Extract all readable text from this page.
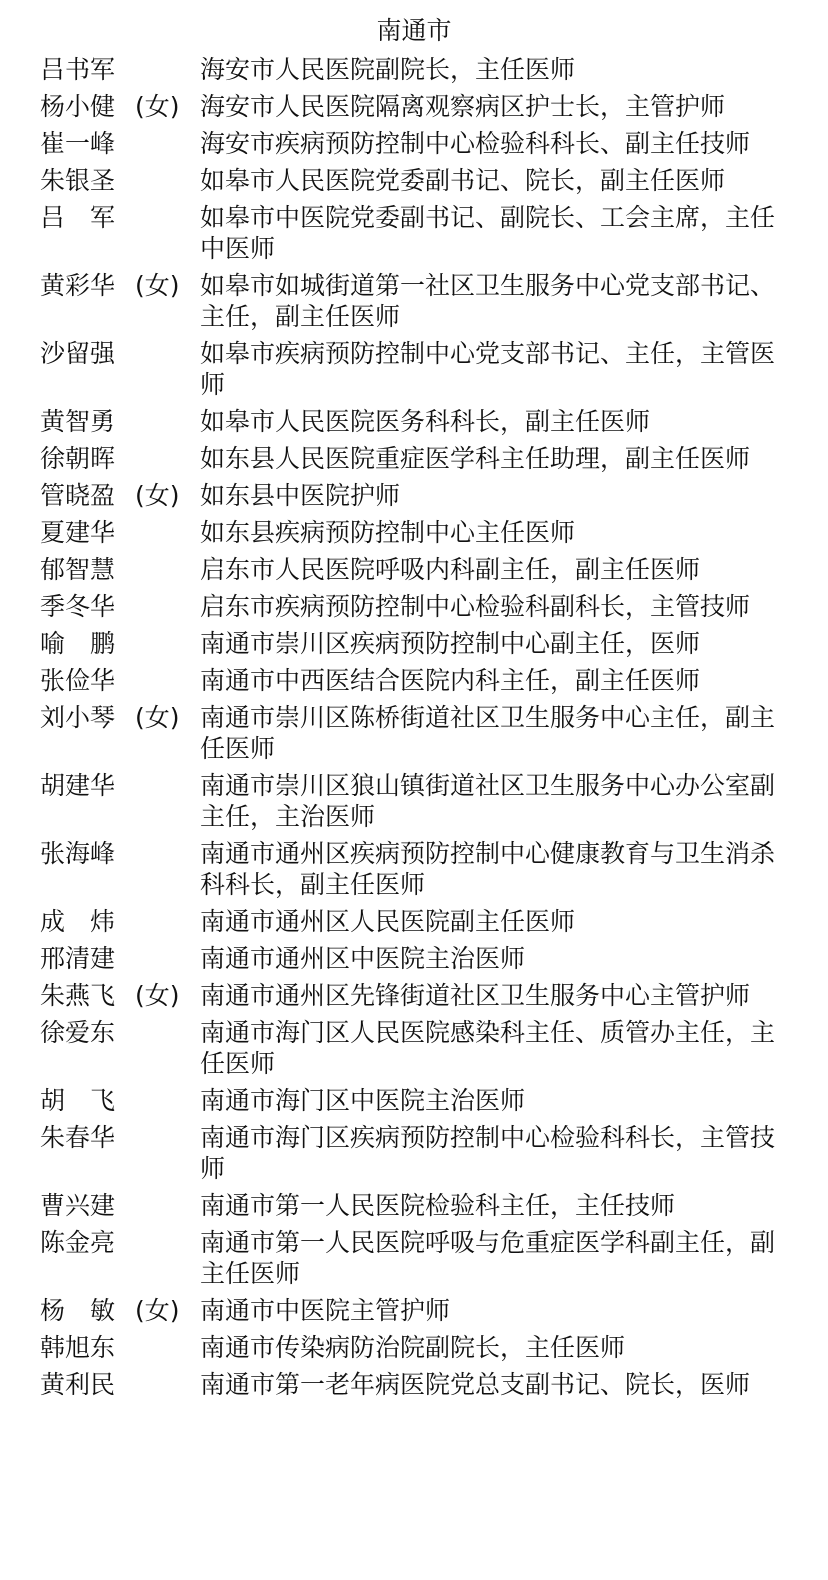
南通市
吕书军	海安市人民医院副院长，主任医师
杨小健 (女) 海安市人民医院隔离观察病区护士长，主管护师
崔一峰	海安市疾病预防控制中心检验科科长、副主任技师
朱银圣	如皋市人民医院党委副书记、院长，副主任医师
吕　军	如皋市中医院党委副书记、副院长、工会主席，主任中医师
黄彩华 (女) 如皋市如城街道第一社区卫生服务中心党支部书记、主任，副主任医师
沙留强	如皋市疾病预防控制中心党支部书记、主任，主管医师
黄智勇	如皋市人民医院医务科科长，副主任医师
徐朝晖	如东县人民医院重症医学科主任助理，副主任医师
管晓盈 (女) 如东县中医院护师
夏建华	如东县疾病预防控制中心主任医师
郁智慧	启东市人民医院呼吸内科副主任，副主任医师
季冬华	启东市疾病预防控制中心检验科副科长，主管技师
喻　鹏	南通市崇川区疾病预防控制中心副主任，医师
张俭华	南通市中西医结合医院内科主任，副主任医师
刘小琴 (女) 南通市崇川区陈桥街道社区卫生服务中心主任，副主任医师
胡建华	南通市崇川区狼山镇街道社区卫生服务中心办公室副主任，主治医师
张海峰	南通市通州区疾病预防控制中心健康教育与卫生消杀科科长，副主任医师
成　炜	南通市通州区人民医院副主任医师
邢清建	南通市通州区中医院主治医师
朱燕飞 (女) 南通市通州区先锋街道社区卫生服务中心主管护师
徐爱东	南通市海门区人民医院感染科主任、质管办主任，主任医师
胡　飞	南通市海门区中医院主治医师
朱春华	南通市海门区疾病预防控制中心检验科科长，主管技师
曹兴建	南通市第一人民医院检验科主任，主任技师
陈金亮	南通市第一人民医院呼吸与危重症医学科副主任，副主任医师
杨　敏 (女) 南通市中医院主管护师
韩旭东	南通市传染病防治院副院长，主任医师
黄利民	南通市第一老年病医院党总支副书记、院长，医师
